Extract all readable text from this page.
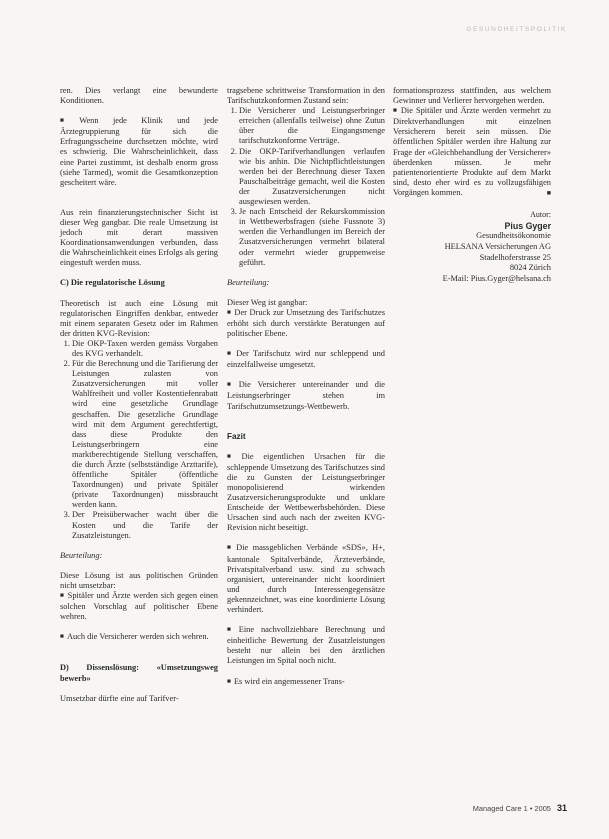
GESUNDHEITSPOLITIK

ren. Dies verlangt eine bewunderte Konditionen.

■ Wenn jede Klinik und jede Ärztegruppierung für sich die Erfragungsscheine durchsetzen möchte, wird es schwierig. Die Wahrscheinlichkeit, dass eine Partei zustimmt, ist deshalb enorm gross (siehe Tarmed), womit die Gesamtkonzeption gescheitert wäre.

Aus rein finanzierungstechnischer Sicht ist dieser Weg gangbar. Die reale Umsetzung ist jedoch mit derart massiven Koordinationsanwendungen verbunden, dass die Wahrscheinlichkeit eines Erfolgs als gering eingestuft werden muss.

C) Die regulatorische Lösung

Theoretisch ist auch eine Lösung mit regulatorischen Eingriffen denkbar, entweder mit einem separaten Gesetz oder im Rahmen der dritten KVG-Revision:

1. Die OKP-Taxen werden gemäss Vorgaben des KVG verhandelt.
2. Für die Berechnung und die Tarifierung der Leistungen zulasten von Zusatzversicherungen mit voller Wahlfreiheit und voller Kostentiefenrabatt wird eine gesetzliche Grundlage geschaffen. Die gesetzliche Grundlage wird mit dem Argument gerechtfertigt, dass diese Produkte den Leistungserbringern eine marktberechtigende Stellung verschaffen, die durch Ärzte (selbstständige Arzttarife), öffentliche Spitäler (öffentliche Taxordnungen) und private Spitäler (private Taxordnungen) missbraucht werden kann.
3. Der Preisüberwacher wacht über die Kosten und die Tarife der Zusatzleistungen.

Beurteilung:

Diese Lösung ist aus politischen Gründen nicht umsetzbar:

■ Spitäler und Ärzte werden sich gegen einen solchen Vorschlag auf politischer Ebene wehren.

■ Auch die Versicherer werden sich wehren.

D) Dissenslösung: «Umsetzungsweg bewerb»

Umsetzbar dürfte eine auf Tarifver-

tragsebene schrittweise Transformation in den Tarifschutzkonformen Zustand sein:

1. Die Versicherer und Leistungserbringer erreichen (allenfalls teilweise) ohne Zutun über die Eingangsmenge tarifschutzkonforme Verträge.
2. Die OKP-Tarifverhandlungen verlaufen wie bis anhin. Die Nichtpflichtleistungen werden bei der Berechnung dieser Taxen Pauschalbeiträge gemacht, weil die Kosten der Zusatzversicherungen nicht ausgewiesen werden.
3. Je nach Entscheid der Rekurskommission in Wettbewerbsfragen (siehe Fussnote 3) werden die Verhandlungen im Bereich der Zusatzversicherungen vermehrt bilateral oder vermehrt wieder gruppenweise geführt.

Beurteilung:

Dieser Weg ist gangbar:

■ Der Druck zur Umsetzung des Tarifschutzes erhöht sich durch verstärkte Beratungen auf politischer Ebene.

■ Der Tarifschutz wird nur schleppend und einzelfallweise umgesetzt.

■ Die Versicherer untereinander und die Leistungserbringer stehen im Tarifschutzumsetzungs-Wettbewerb.

Fazit

■ Die eigentlichen Ursachen für die schleppende Umsetzung des Tarifschutzes sind die zu Gunsten der Leistungserbringer monopolisierend wirkenden Zusatzversicherungsprodukte und unklare Entscheide der Wettbewerbsbehörden. Diese Ursachen sind auch nach der zweiten KVG-Revision nicht beseitigt.

■ Die massgeblichen Verbände «SDS», H+, kantonale Spitalverbände, Ärzteverbände, Privatspitalverband usw. sind zu schwach organisiert, untereinander nicht koordiniert und durch Interessengegensätze gekennzeichnet, was eine koordinierte Lösung verhindert.

■ Eine nachvollziehbare Berechnung und einheitliche Bewertung der Zusatzleistungen besteht nur allein bei den ärztlichen Leistungen im Spital noch nicht.

■ Es wird ein angemessener Trans-

formationsprozess stattfinden, aus welchem Gewinner und Verlierer hervorgehen werden.

■ Die Spitäler und Ärzte werden vermehrt zu Direktverhandlungen mit einzelnen Versicherern bereit sein müssen. Die öffentlichen Spitäler werden ihre Haltung zur Frage der «Gleichbehandlung der Versicherer» überdenken müssen. Je mehr patientenorientierte Produkte auf dem Markt sind, desto eher wird es zu vollzugsfähigen Vorgängen kommen.	■
Autor:
Pius Gyger
Gesundheitsökonomie
HELSANA Versicherungen AG
Stadelhoferstrasse 25
8024 Zürich
E-Mail: Pius.Gyger@helsana.ch
Managed Care 1 • 2005 31
